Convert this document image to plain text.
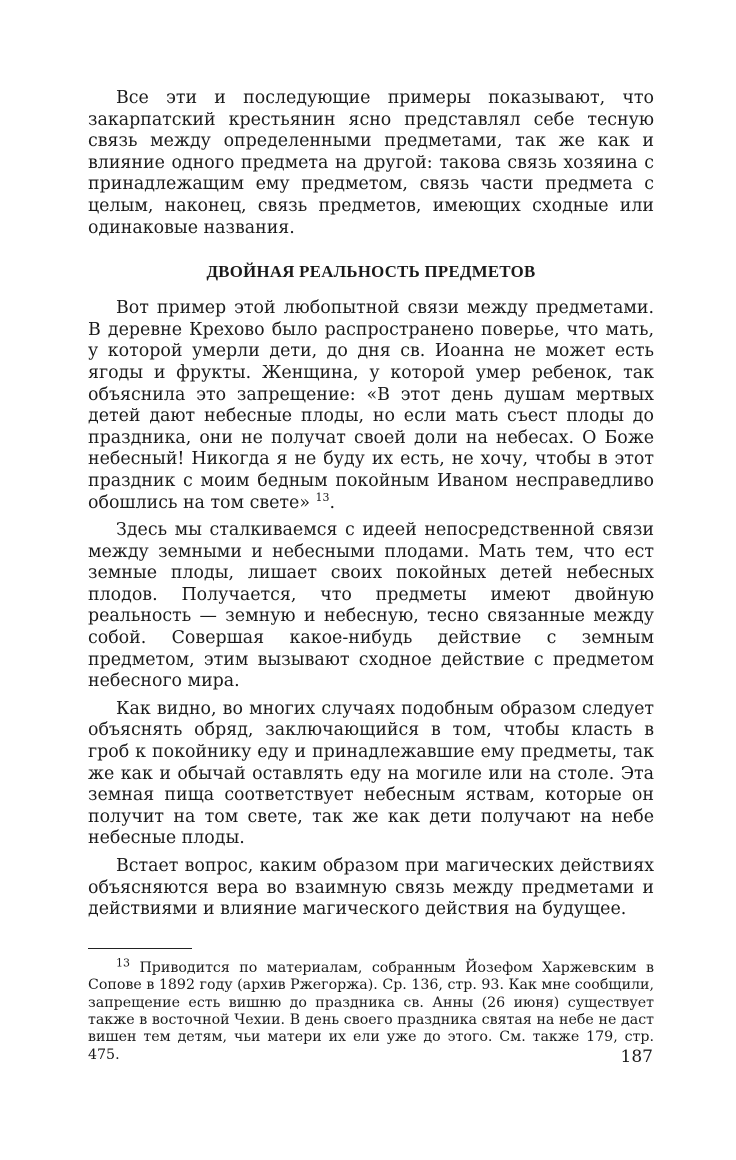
Все эти и последующие примеры показывают, что закарпатский крестьянин ясно представлял себе тесную связь между определенными предметами, так же как и влияние одного предмета на другой: такова связь хозяина с принадлежащим ему предметом, связь части предмета с целым, наконец, связь предметов, имеющих сходные или одинаковые названия.

ДВОЙНАЯ РЕАЛЬНОСТЬ ПРЕДМЕТОВ

Вот пример этой любопытной связи между предметами. В деревне Крехово было распространено поверье, что мать, у которой умерли дети, до дня св. Иоанна не может есть ягоды и фрукты. Женщина, у которой умер ребенок, так объяснила это запрещение: «В этот день душам мертвых детей дают небесные плоды, но если мать съест плоды до праздника, они не получат своей доли на небесах. О Боже небесный! Никогда я не буду их есть, не хочу, чтобы в этот праздник с моим бедным покойным Иваном несправедливо обошлись на том свете» $^{13}$.

Здесь мы сталкиваемся с идеей непосредственной связи между земными и небесными плодами. Мать тем, что ест земные плоды, лишает своих покойных детей небесных плодов. Получается, что предметы имеют двойную реальность — земную и небесную, тесно связанные между собой. Совершая какое-нибудь действие с земным предметом, этим вызывают сходное действие с предметом небесного мира.

Как видно, во многих случаях подобным образом следует объяснять обряд, заключающийся в том, чтобы класть в гроб к покойнику еду и принадлежавшие ему предметы, так же как и обычай оставлять еду на могиле или на столе. Эта земная пища соответствует небесным яствам, которые он получит на том свете, так же как дети получают на небе небесные плоды.

Встает вопрос, каким образом при магических действиях объясняются вера во взаимную связь между предметами и действиями и влияние магического действия на будущее.

$^{13}$ Приводится по материалам, собранным Йозефом Харжевским в Сопове в 1892 году (архив Ржегоржа). Ср. 136, стр. 93. Как мне сообщили, запрещение есть вишню до праздника св. Анны (26 июня) существует также в восточной Чехии. В день своего праздника святая на небе не даст вишен тем детям, чьи матери их ели уже до этого. См. также 179, стр. 475.	187
